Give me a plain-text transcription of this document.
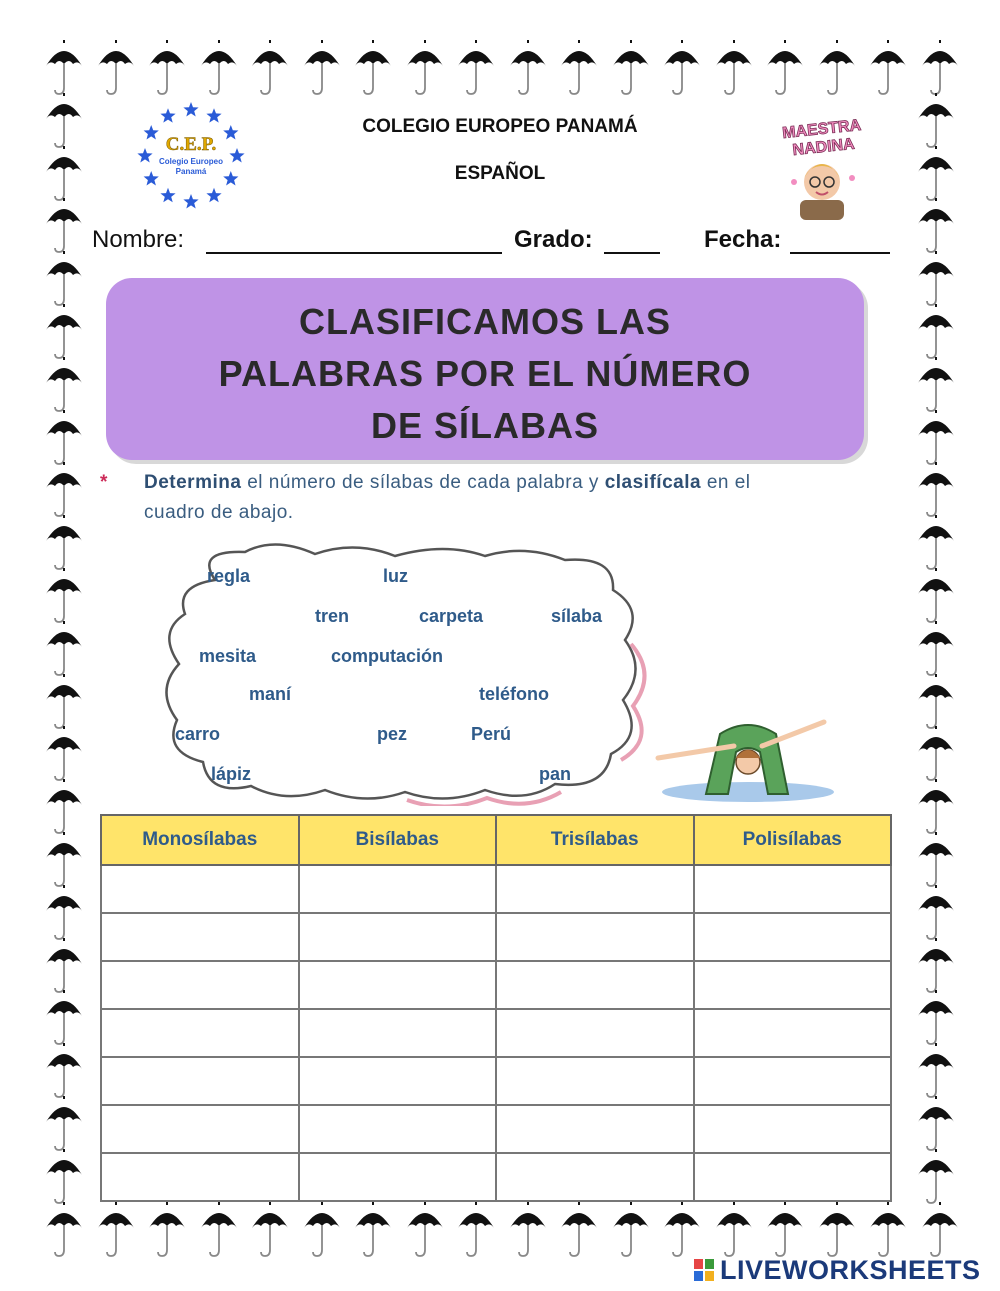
C.E.P.
Colegio Europeo
Panamá
MAESTRA
NADINA
COLEGIO EUROPEO PANAMÁ
ESPAÑOL
Nombre:	Grado:	Fecha:
CLASIFICAMOS LAS
PALABRAS POR EL NÚMERO
DE SÍLABAS
* Determina el número de sílabas de cada palabra y clasifícala en el
cuadro de abajo.
regla	luz
tren	carpeta	sílaba
mesita	computación
maní	teléfono
carro	pez	Perú
lápiz	pan
Monosílabas	Bisílabas	Trisílabas	Polisílabas

LIVEWORKSHEETS
